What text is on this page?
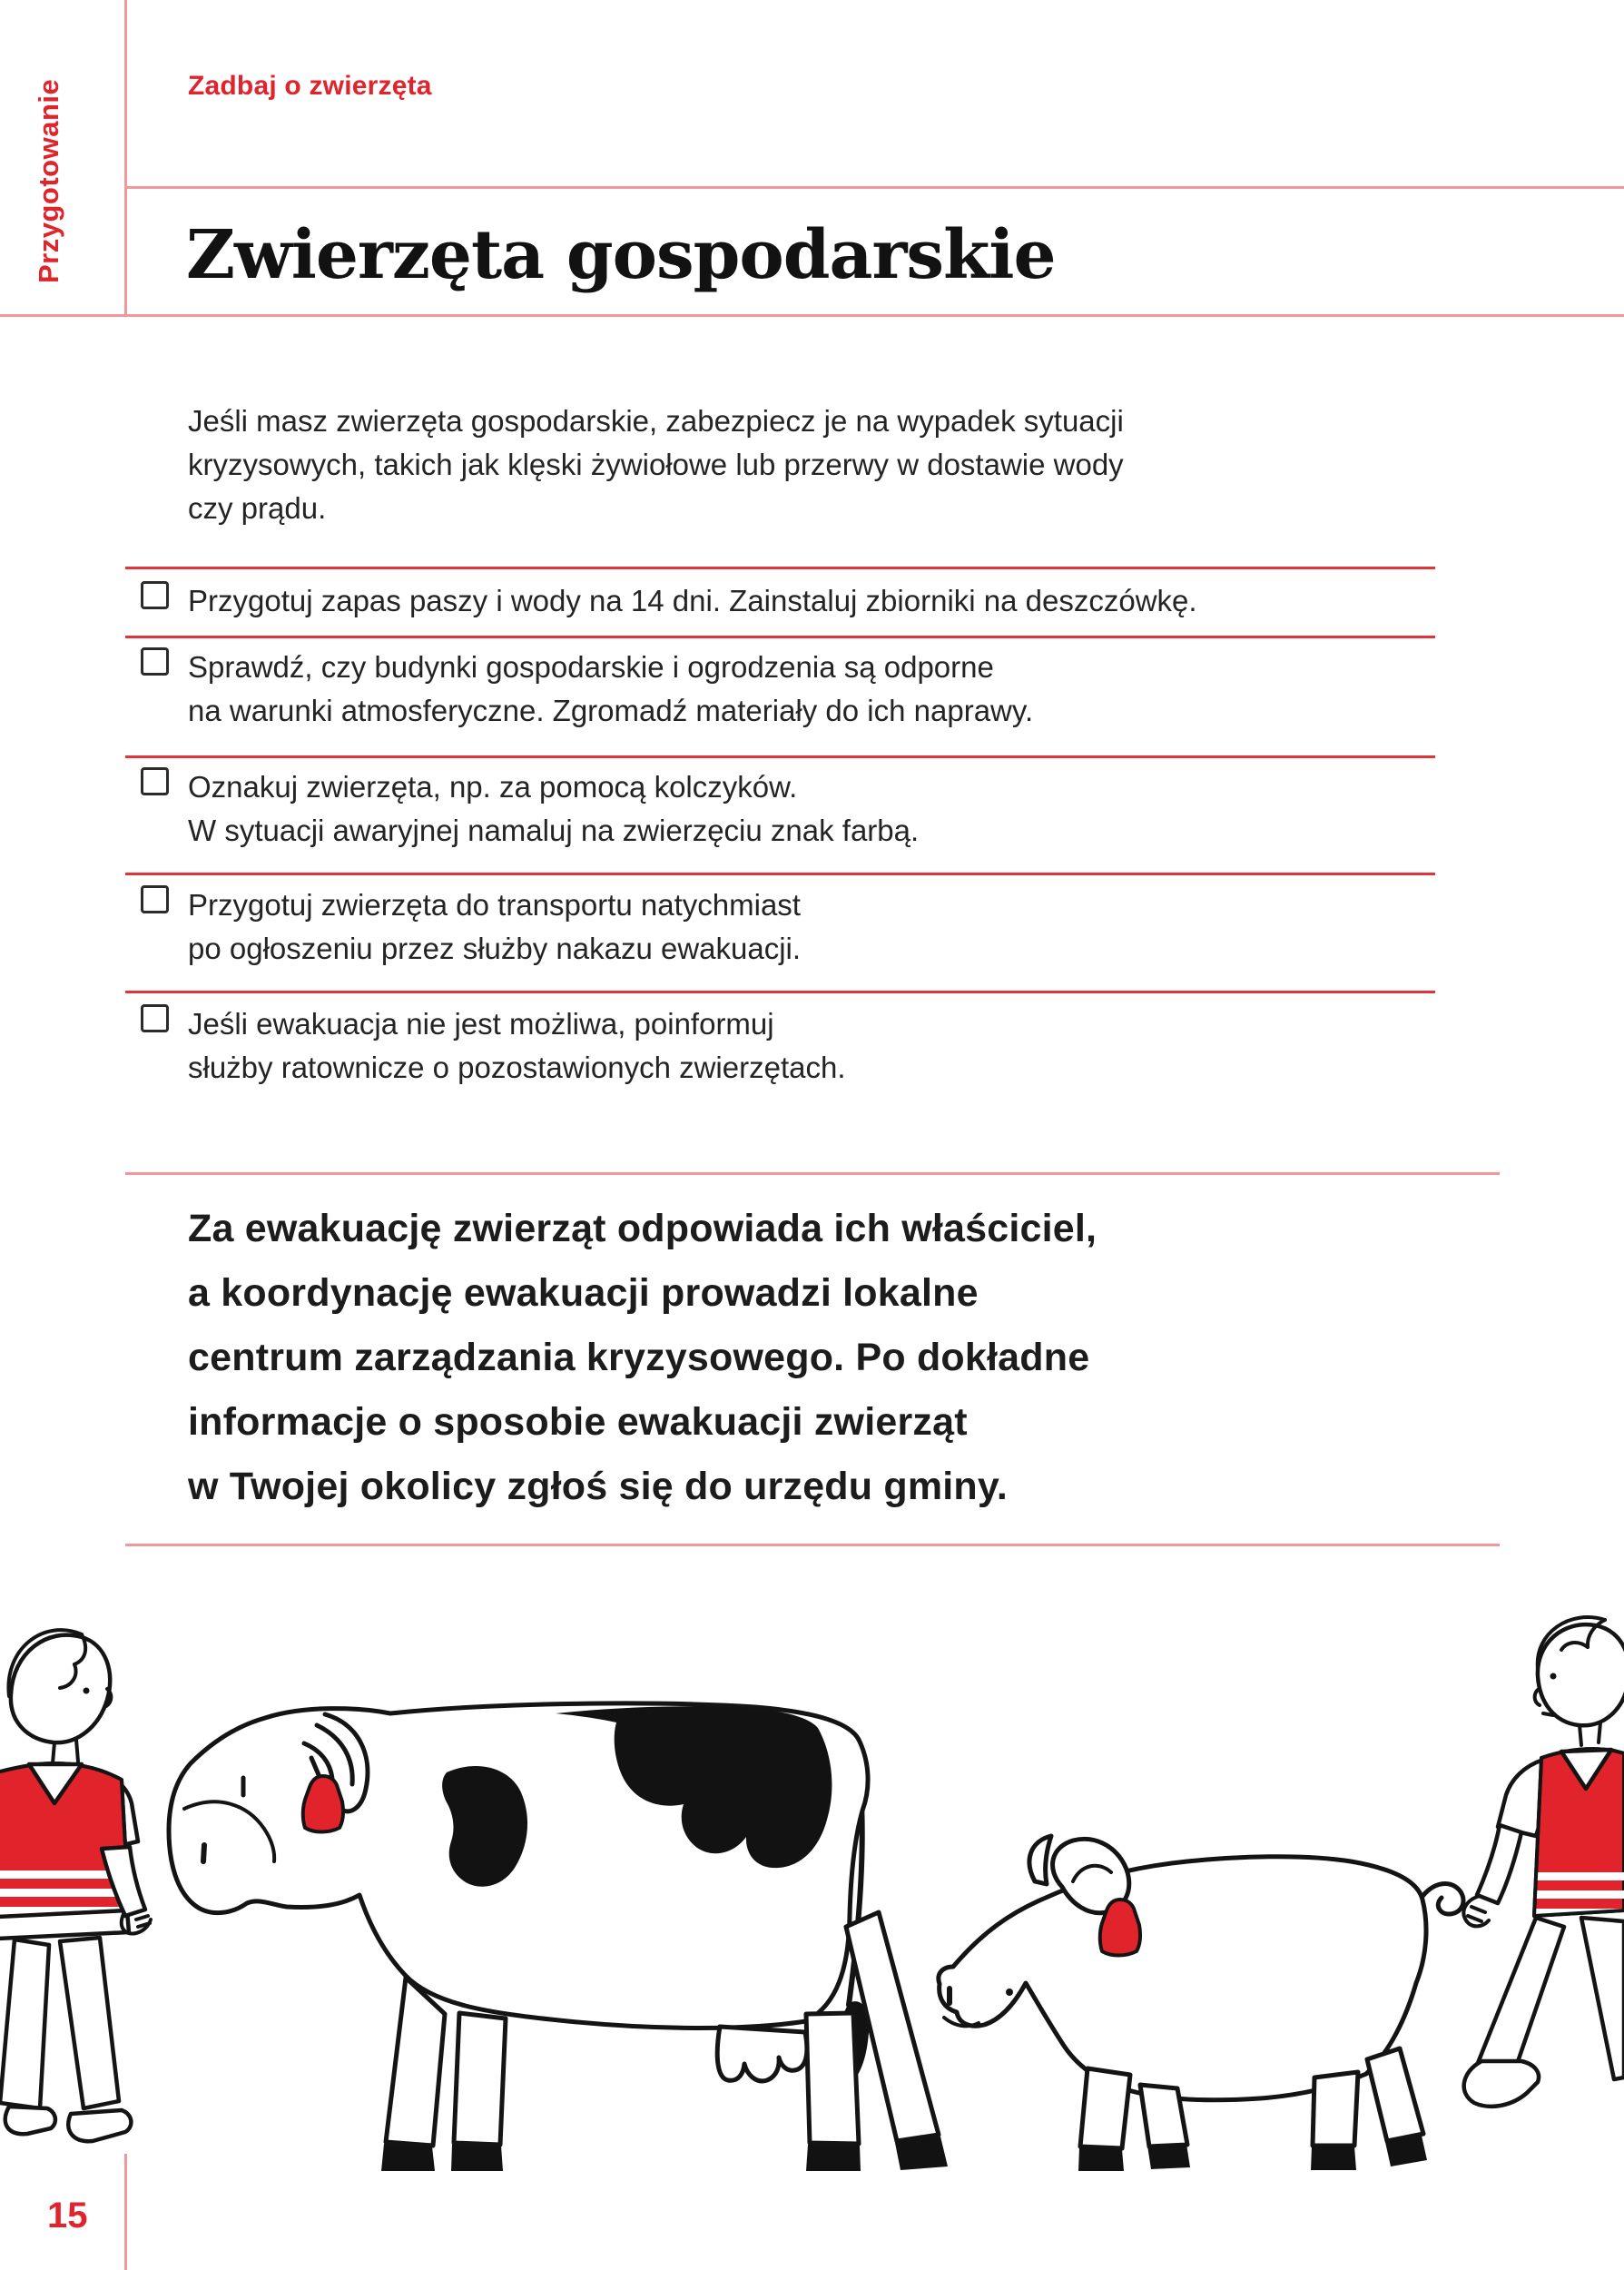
Przygotowanie	Zadbaj o zwierzęta
Zwierzęta gospodarskie
Jeśli masz zwierzęta gospodarskie, zabezpiecz je na wypadek sytuacji
kryzysowych, takich jak klęski żywiołowe lub przerwy w dostawie wody
czy prądu.
Przygotuj zapas paszy i wody na 14 dni. Zainstaluj zbiorniki na deszczówkę.
Sprawdź, czy budynki gospodarskie i ogrodzenia są odporne
na warunki atmosferyczne. Zgromadź materiały do ich naprawy.
Oznakuj zwierzęta, np. za pomocą kolczyków.
W sytuacji awaryjnej namaluj na zwierzęciu znak farbą.
Przygotuj zwierzęta do transportu natychmiast
po ogłoszeniu przez służby nakazu ewakuacji.
Jeśli ewakuacja nie jest możliwa, poinformuj
służby ratownicze o pozostawionych zwierzętach.
Za ewakuację zwierząt odpowiada ich właściciel,
a koordynację ewakuacji prowadzi lokalne
centrum zarządzania kryzysowego. Po dokładne
informacje o sposobie ewakuacji zwierząt
w Twojej okolicy zgłoś się do urzędu gminy.
15
